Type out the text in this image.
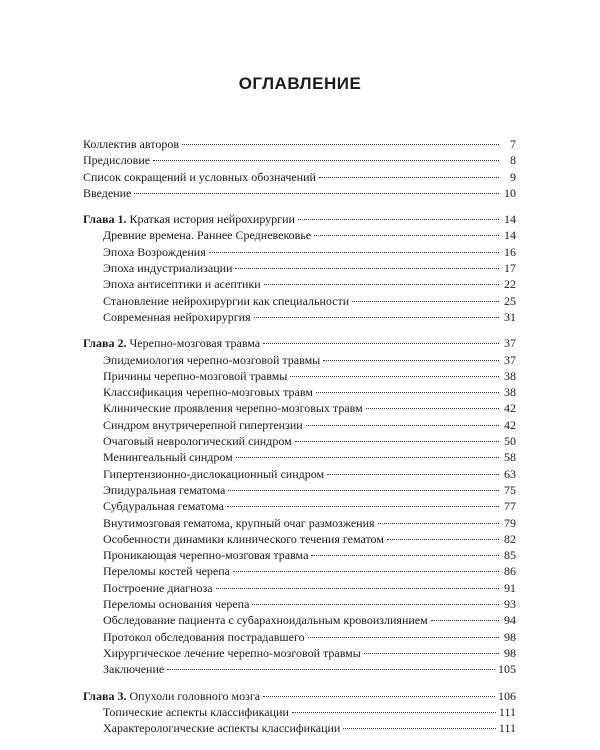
ОГЛАВЛЕНИЕ
Коллектив авторов	7
Предисловие	8
Список сокращений и условных обозначений	9
Введение	10
Глава 1. Краткая история нейрохирургии	14
Древние времена. Раннее Средневековье	14
Эпоха Возрождения	16
Эпоха индустриализации	17
Эпоха антисептики и асептики	22
Становление нейрохирургии как специальности	25
Современная нейрохирургия	31
Глава 2. Черепно-мозговая травма	37
Эпидемиология черепно-мозговой травмы	37
Причины черепно-мозговой травмы	38
Классификация черепно-мозговых травм	38
Клинические проявления черепно-мозговых травм	42
Синдром внутричерепной гипертензии	42
Очаговый неврологический синдром	50
Менингеальный синдром	58
Гипертензионно-дислокационный синдром	63
Эпидуральная гематома	75
Субдуральная гематома	77
Внутимозговая гематома, крупный очаг размозжения	79
Особенности динамики клинического течения гематом	82
Проникающая черепно-мозговая травма	85
Переломы костей черепа	86
Построение диагноза	91
Переломы основания черепа	93
Обследование пациента с субарахноидальным кровоизлиянием	94
Протокол обследования пострадавшего	98
Хирургическое лечение черепно-мозговой травмы	98
Заключение	105
Глава 3. Опухоли головного мозга	106
Топические аспекты классификации	111
Характерологические аспекты классификации	111
